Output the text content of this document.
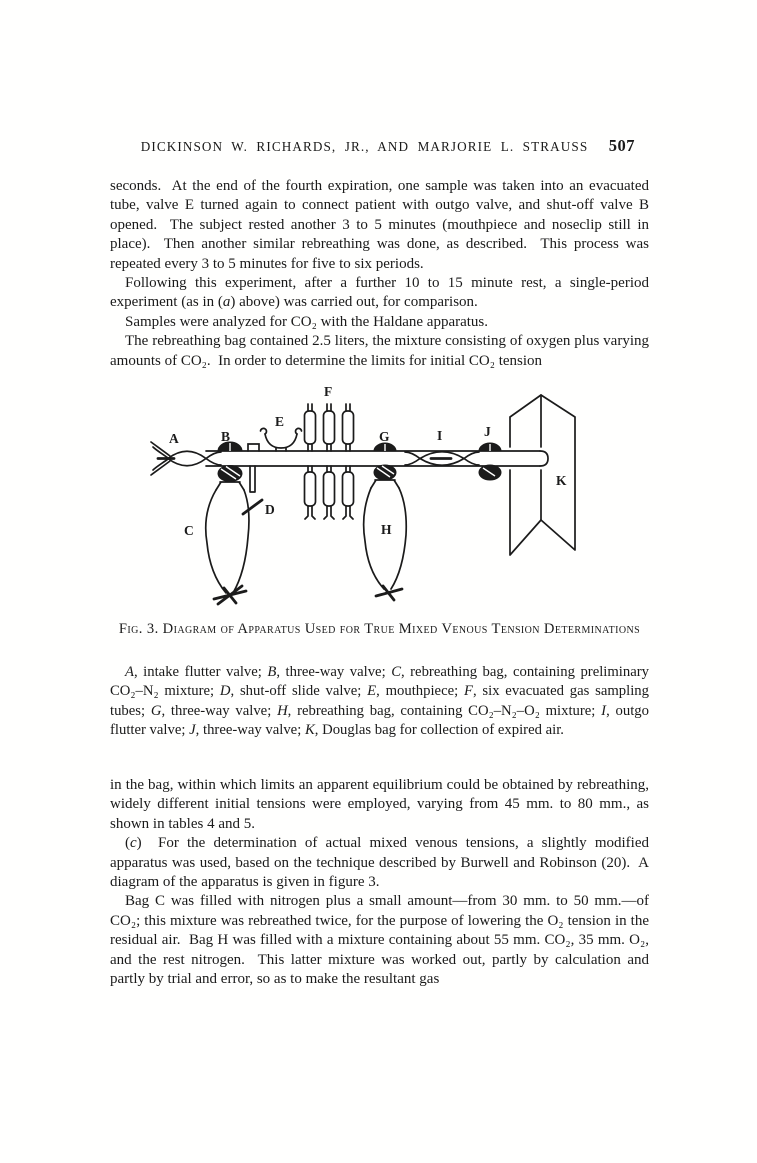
DICKINSON W. RICHARDS, JR., AND MARJORIE L. STRAUSS	507

seconds.  At the end of the fourth expiration, one sample was taken into an evacuated tube, valve E turned again to connect patient with outgo valve, and shut-off valve B opened.  The subject rested another 3 to 5 minutes (mouthpiece and noseclip still in place).  Then another similar rebreathing was done, as described.  This process was repeated every 3 to 5 minutes for five to six periods.

Following this experiment, after a further 10 to 15 minute rest, a single-period experiment (as in (a) above) was carried out, for comparison.

Samples were analyzed for CO₂ with the Haldane apparatus.

The rebreathing bag contained 2.5 liters, the mixture consisting of oxygen plus varying amounts of CO₂.  In order to determine the limits for initial CO₂ tension

A	B
C
D
E
F
G
H
I	J
K
Fig. 3. Diagram of Apparatus Used for True Mixed Venous Tension Determinations

A, intake flutter valve; B, three-way valve; C, rebreathing bag, containing preliminary CO₂–N₂ mixture; D, shut-off slide valve; E, mouthpiece; F, six evacuated gas sampling tubes; G, three-way valve; H, rebreathing bag, containing CO₂–N₂–O₂ mixture; I, outgo flutter valve; J, three-way valve; K, Douglas bag for collection of expired air.

in the bag, within which limits an apparent equilibrium could be obtained by rebreathing, widely different initial tensions were employed, varying from 45 mm. to 80 mm., as shown in tables 4 and 5.

(c)  For the determination of actual mixed venous tensions, a slightly modified apparatus was used, based on the technique described by Burwell and Robinson (20).  A diagram of the apparatus is given in figure 3.

Bag C was filled with nitrogen plus a small amount—from 30 mm. to 50 mm.—of CO₂; this mixture was rebreathed twice, for the purpose of lowering the O₂ tension in the residual air.  Bag H was filled with a mixture containing about 55 mm. CO₂, 35 mm. O₂, and the rest nitrogen.  This latter mixture was worked out, partly by calculation and partly by trial and error, so as to make the resultant gas
